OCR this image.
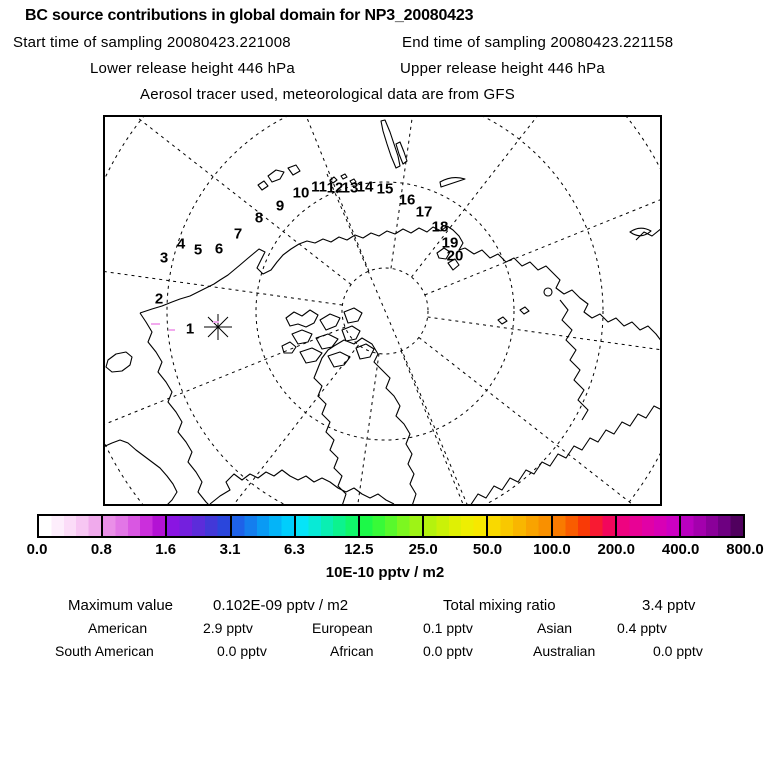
BC source contributions in global domain for NP3_20080423
Start time of sampling 20080423.221008	End time of sampling 20080423.221158
Lower release height 446 hPa	Upper release height 446 hPa
Aerosol tracer used, meteorological data are from GFS
1
2
3
4 5 6
7
8
9
10 11 12
13
14 15
16
17
18
19
20
0.0	0.8	1.6	3.1	6.3	12.5 25.0 50.0 100.0 200.0 400.0 800.0
10E-10 pptv / m2
Maximum value	0.102E-09 pptv / m2	Total mixing ratio	3.4 pptv
American	2.9 pptv	European	0.1 pptv	Asian	0.4 pptv
South American	0.0 pptv	African	0.0 pptv	Australian	0.0 pptv
